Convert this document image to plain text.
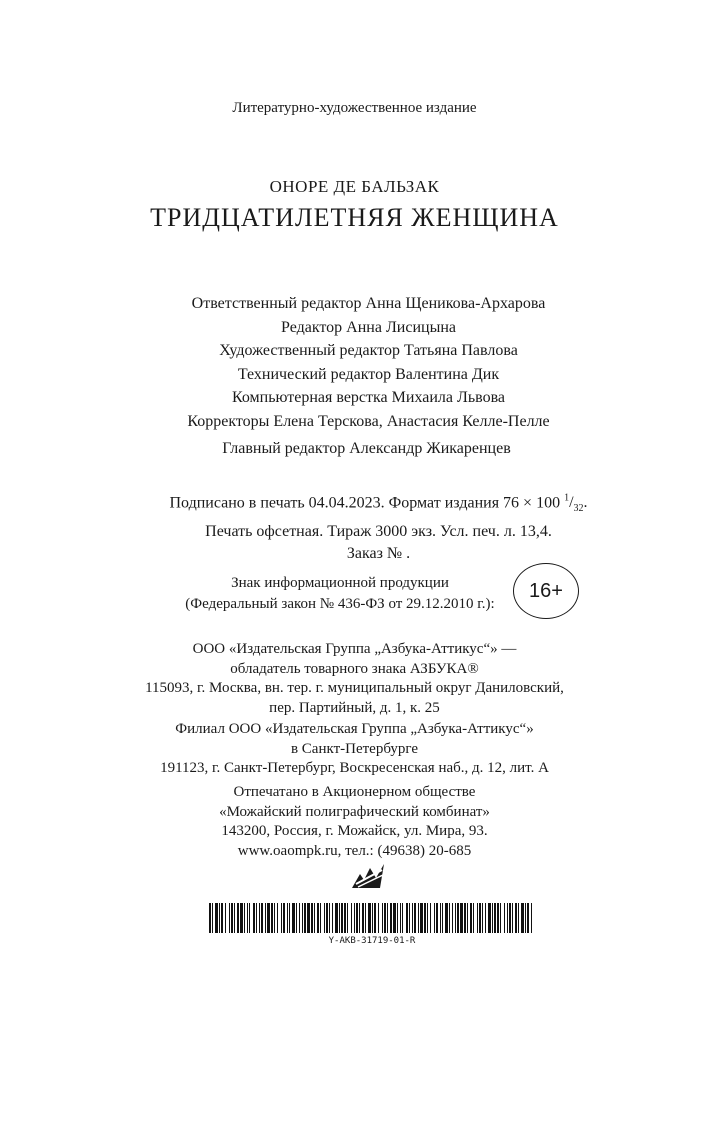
Литературно-художественное издание
ОНОРЕ ДЕ БАЛЬЗАК
ТРИДЦАТИЛЕТНЯЯ ЖЕНЩИНА
Ответственный редактор Анна Щеникова-Архарова
Редактор Анна Лисицына
Художественный редактор Татьяна Павлова
Технический редактор Валентина Дик
Компьютерная верстка Михаила Львова
Корректоры Елена Терскова, Анастасия Келле-Пелле
Главный редактор Александр Жикаренцев
Подписано в печать 04.04.2023. Формат издания 76 × 100 $^1/_{32}$.
Печать офсетная. Тираж 3000 экз. Усл. печ. л. 13,4.
Заказ № .
Знак информационной продукции
(Федеральный закон № 436-ФЗ от 29.12.2010 г.):
16+
ООО «Издательская Группа „Азбука-Аттикус“» —
обладатель товарного знака АЗБУКА®
115093, г. Москва, вн. тер. г. муниципальный округ Даниловский,
пер. Партийный, д. 1, к. 25
Филиал ООО «Издательская Группа „Азбука-Аттикус“»
в Санкт-Петербурге
191123, г. Санкт-Петербург, Воскресенская наб., д. 12, лит. А
Отпечатано в Акционерном обществе
«Можайский полиграфический комбинат»
143200, Россия, г. Можайск, ул. Мира, 93.
www.oaompk.ru, тел.: (49638) 20-685
Y-AKB-31719-01-R
